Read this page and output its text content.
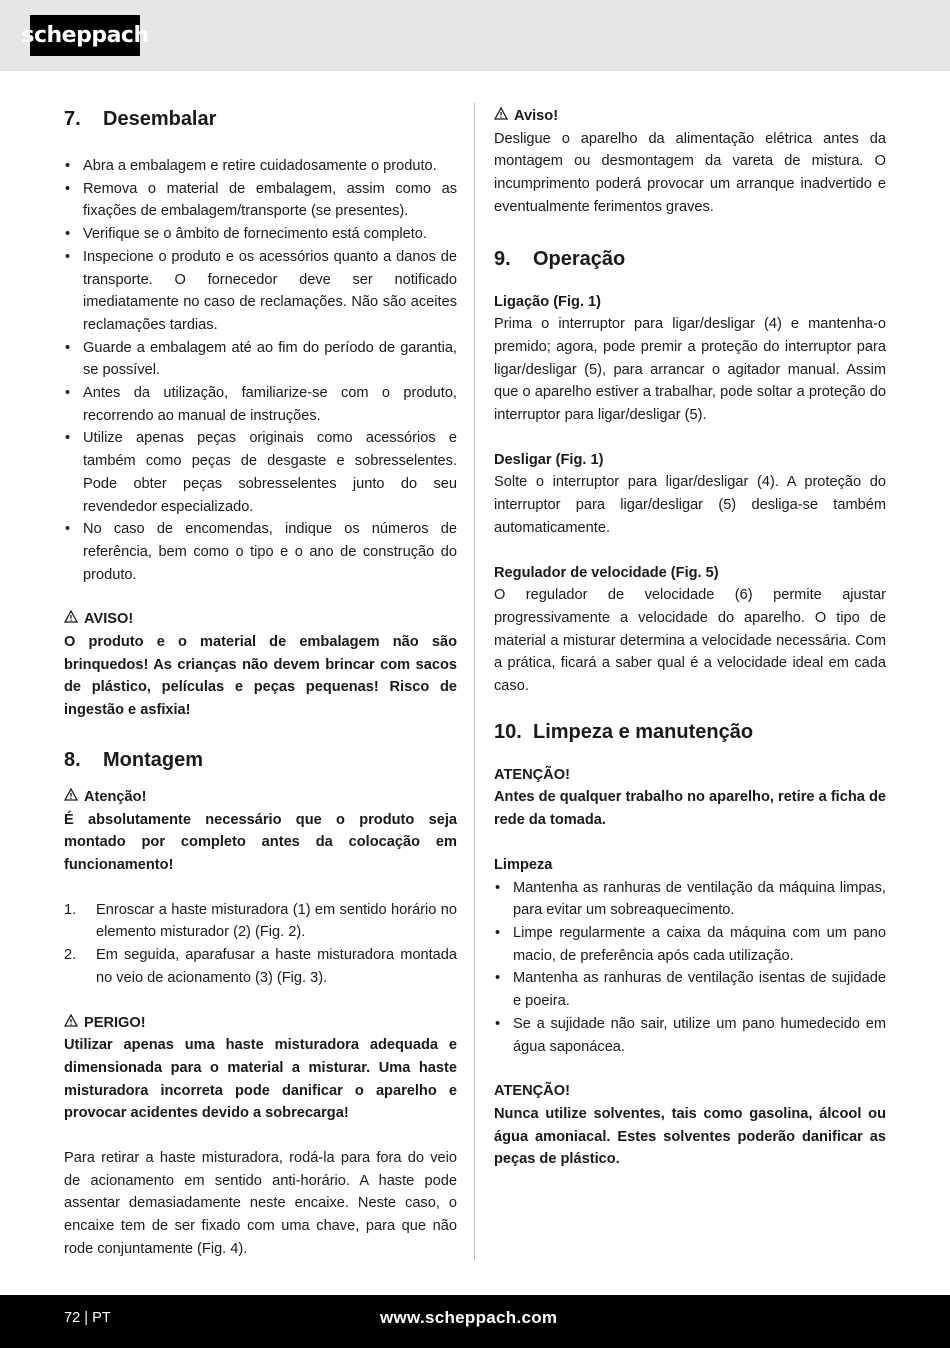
scheppach
7.	Desembalar
• Abra a embalagem e retire cuidadosamente o produto.
• Remova o material de embalagem, assim como as fixações de embalagem/transporte (se presentes).
• Verifique se o âmbito de fornecimento está completo.
• Inspecione o produto e os acessórios quanto a danos de transporte. O fornecedor deve ser notificado imediatamente no caso de reclamações. Não são aceites reclamações tardias.
• Guarde a embalagem até ao fim do período de garantia, se possível.
• Antes da utilização, familiarize-se com o produto, recorrendo ao manual de instruções.
• Utilize apenas peças originais como acessórios e também como peças de desgaste e sobresselentes. Pode obter peças sobresselentes junto do seu revendedor especializado.
• No caso de encomendas, indique os números de referência, bem como o tipo e o ano de construção do produto.
AVISO!

O produto e o material de embalagem não são brinquedos! As crianças não devem brincar com sacos de plástico, películas e peças pequenas! Risco de ingestão e asfixia!

8.	Montagem
Atenção!

É absolutamente necessário que o produto seja montado por completo antes da colocação em funcionamento!

1.	Enroscar a haste misturadora (1) em sentido horário no elemento misturador (2) (Fig. 2).
2.	Em seguida, aparafusar a haste misturadora montada no veio de acionamento (3) (Fig. 3).
PERIGO!

Utilizar apenas uma haste misturadora adequada e dimensionada para o material a misturar. Uma haste misturadora incorreta pode danificar o aparelho e provocar acidentes devido a sobrecarga!

Para retirar a haste misturadora, rodá-la para fora do veio de acionamento em sentido anti-horário. A haste pode assentar demasiadamente neste encaixe. Neste caso, o encaixe tem de ser fixado com uma chave, para que não rode conjuntamente (Fig. 4).

Aviso!

Desligue o aparelho da alimentação elétrica antes da montagem ou desmontagem da vareta de mistura. O incumprimento poderá provocar um arranque inadvertido e eventualmente ferimentos graves.

9.	Operação

Ligação (Fig. 1)

Prima o interruptor para ligar/desligar (4) e mantenha-o premido; agora, pode premir a proteção do interruptor para ligar/desligar (5), para arrancar o agitador manual. Assim que o aparelho estiver a trabalhar, pode soltar a proteção do interruptor para ligar/desligar (5).

Desligar (Fig. 1)

Solte o interruptor para ligar/desligar (4). A proteção do interruptor para ligar/desligar (5) desliga-se também automaticamente.

Regulador de velocidade (Fig. 5)

O regulador de velocidade (6) permite ajustar progressivamente a velocidade do aparelho. O tipo de material a misturar determina a velocidade necessária. Com a prática, ficará a saber qual é a velocidade ideal em cada caso.

10. Limpeza e manutenção

ATENÇÃO!

Antes de qualquer trabalho no aparelho, retire a ficha de rede da tomada.

Limpeza

• Mantenha as ranhuras de ventilação da máquina limpas, para evitar um sobreaquecimento.
• Limpe regularmente a caixa da máquina com um pano macio, de preferência após cada utilização.
• Mantenha as ranhuras de ventilação isentas de sujidade e poeira.
• Se a sujidade não sair, utilize um pano humedecido em água saponácea.

ATENÇÃO!

Nunca utilize solventes, tais como gasolina, álcool ou água amoniacal. Estes solventes poderão danificar as peças de plástico.

72 | PT	www.scheppach.com
